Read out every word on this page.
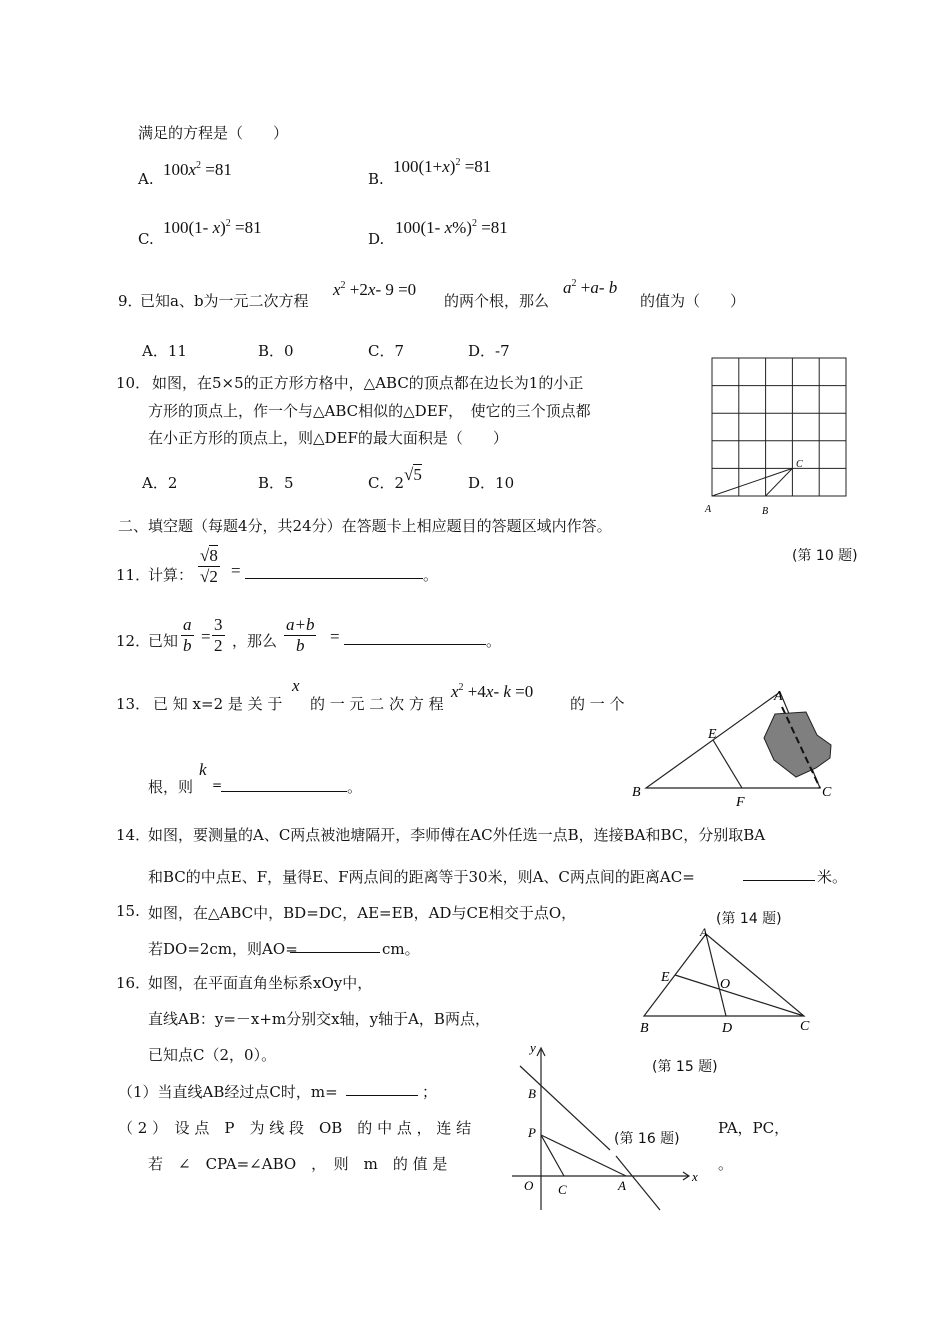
满足的方程是（　　）
A. $100x^2 =81$	B.
$100(1+x)^2 =81$
C.
100(1- x)$^2$ =81
D.
100(1- x%)$^2$ =81
9．
已知a、b为一元二次方程
$x^2 +2x-$ 9 =0
的两个根，那么
$a^2 +a-$ b
的值为（　　）
A．11	B．0	C．7	D．-7
10． 如图，在5×5的正方形方格中，△ABC的顶点都在边长为1的小正
方形的顶点上，作一个与△ABC相似的△DEF，　使它的三个顶点都
在小正方形的顶点上，则△DEF的最大面积是（　　）
A．2	B．5	C．2√5	D．10
A	B
C
(第 10 题)
二、填空题（每题4分，共24分）在答题卡上相应题目的答题区域内作答。
11．
计算： $\frac{√8}{√2}$ =	。
12．
已知 $\frac{a}{b} = \frac{3}{2}$ ，那么 $\frac{a+b}{b}$ =	。
13． 已 知 x=2 是 关 于
x
的 一 元 二 次 方 程
$x^2 +4x-$ k =0
的 一 个
根，则
k
=	。
A
B	C
E
F
14．
如图，要测量的A、C两点被池塘隔开，李师傅在AC外任选一点B，连接BA和BC，分别取BA
和BC的中点E、F，量得E、F两点间的距离等于30米，则A、C两点间的距离AC=	米。
(第 14 题)
15. 如图，在△ABC中，BD=DC，AE=EB，AD与CE相交于点O，
若DO=2cm，则AO=	cm。
A
B	C
D
E	O
(第 15 题)
16．
如图，在平面直角坐标系xOy中，
直线AB：y=－x+m分别交x轴，y轴于A，B两点，
已知点C（2，0）。
（1）当直线AB经过点C时，m=	；
（ 2 ）　设 点　P　为 线 段　OB　的 中 点 ， 连 结	PA，PC，
若　∠　CPA=∠ABO　，　则　m　的 值 是	。
y
x
B
P
O C	A
(第 16 题)
